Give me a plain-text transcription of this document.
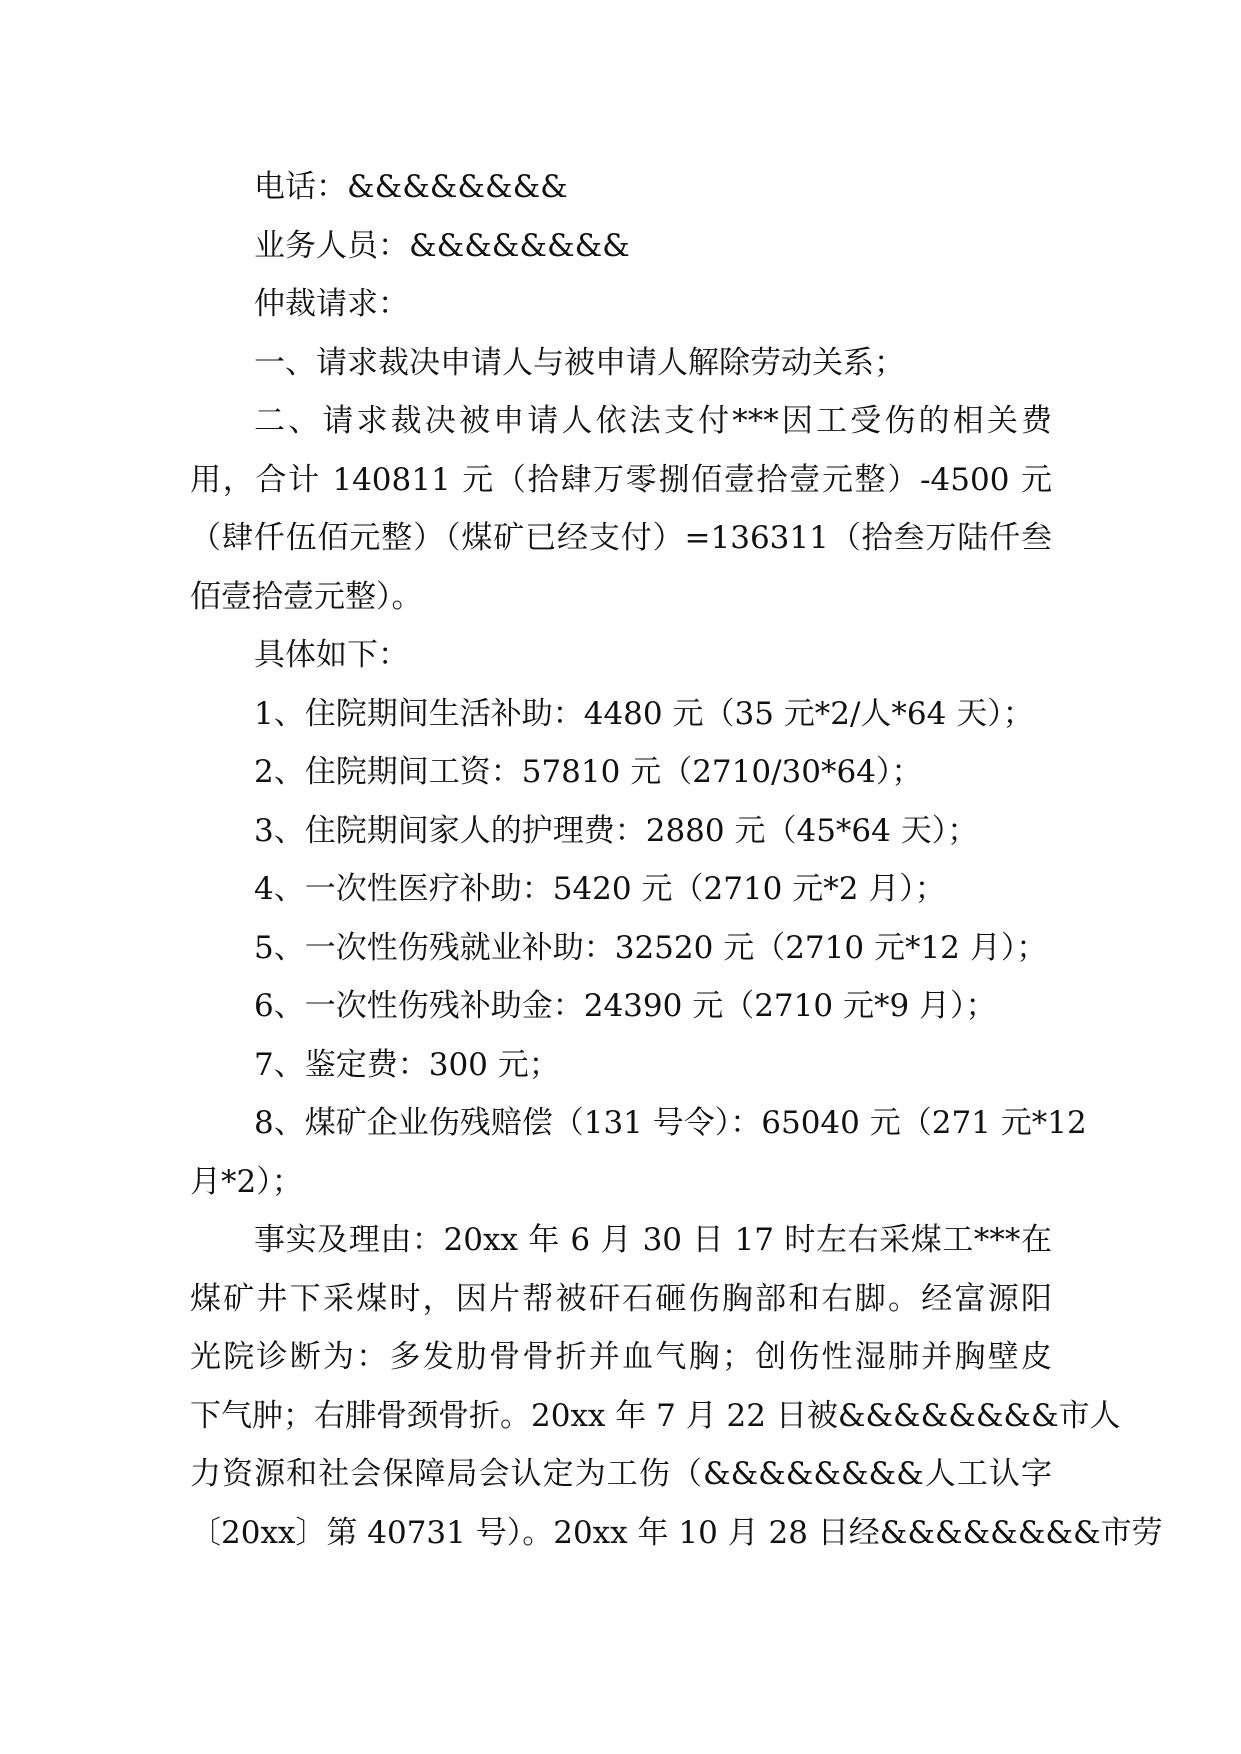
电话：&&&&&&&&
业务人员：&&&&&&&&
仲裁请求：
一、请求裁决申请人与被申请人解除劳动关系；
二、请求裁决被申请人依法支付***因工受伤的相关费
用，合计 140811 元（拾肆万零捌佰壹拾壹元整）-4500 元
（肆仟伍佰元整）（煤矿已经支付）=136311（拾叁万陆仟叁
佰壹拾壹元整）。
具体如下：
1、住院期间生活补助：4480 元（35 元*2/人*64 天）；
2、住院期间工资：57810 元（2710/30*64）；
3、住院期间家人的护理费：2880 元（45*64 天）；
4、一次性医疗补助：5420 元（2710 元*2 月）；
5、一次性伤残就业补助：32520 元（2710 元*12 月）；
6、一次性伤残补助金：24390 元（2710 元*9 月）；
7、鉴定费：300 元；
8、煤矿企业伤残赔偿（131 号令）：65040 元（271 元*12
月*2）；
事实及理由：20xx 年 6 月 30 日 17 时左右采煤工***在
煤矿井下采煤时，因片帮被矸石砸伤胸部和右脚。经富源阳
光院诊断为：多发肋骨骨折并血气胸；创伤性湿肺并胸壁皮
下气肿；右腓骨颈骨折。20xx 年 7 月 22 日被&&&&&&&&市人
力资源和社会保障局会认定为工伤（&&&&&&&&人工认字
〔20xx〕第 40731 号）。20xx 年 10 月 28 日经&&&&&&&&市劳
